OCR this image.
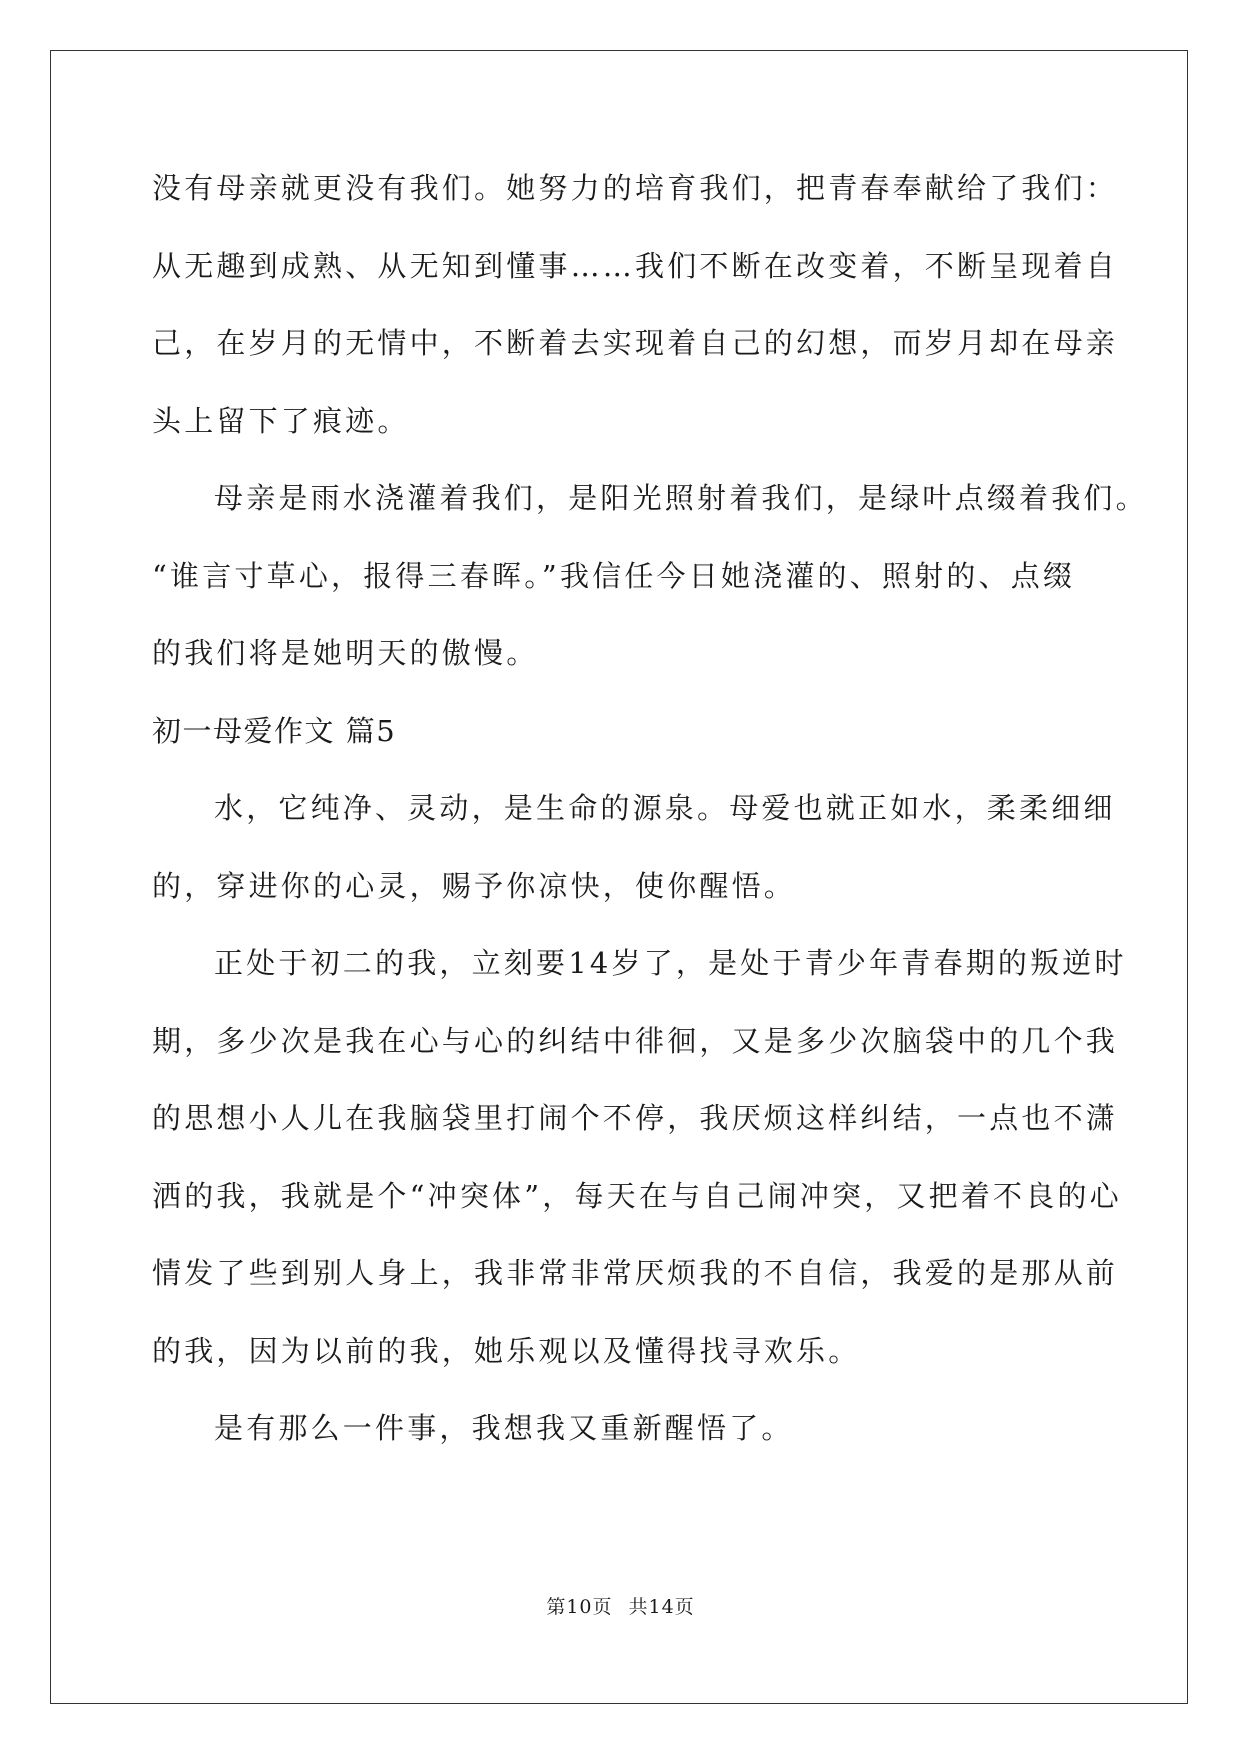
没有母亲就更没有我们。她努力的培育我们，把青春奉献给了我们：

从无趣到成熟、从无知到懂事……我们不断在改变着，不断呈现着自

己，在岁月的无情中，不断着去实现着自己的幻想，而岁月却在母亲

头上留下了痕迹。

母亲是雨水浇灌着我们，是阳光照射着我们，是绿叶点缀着我们。

“谁言寸草心，报得三春晖。”我信任今日她浇灌的、照射的、点缀

的我们将是她明天的傲慢。

初一母爱作文 篇5

水，它纯净、灵动，是生命的源泉。母爱也就正如水，柔柔细细

的，穿进你的心灵，赐予你凉快，使你醒悟。

正处于初二的我，立刻要14岁了，是处于青少年青春期的叛逆时

期，多少次是我在心与心的纠结中徘徊，又是多少次脑袋中的几个我

的思想小人儿在我脑袋里打闹个不停，我厌烦这样纠结，一点也不潇

洒的我，我就是个“冲突体”，每天在与自己闹冲突，又把着不良的心

情发了些到别人身上，我非常非常厌烦我的不自信，我爱的是那从前

的我，因为以前的我，她乐观以及懂得找寻欢乐。

是有那么一件事，我想我又重新醒悟了。

第10页 共14页
